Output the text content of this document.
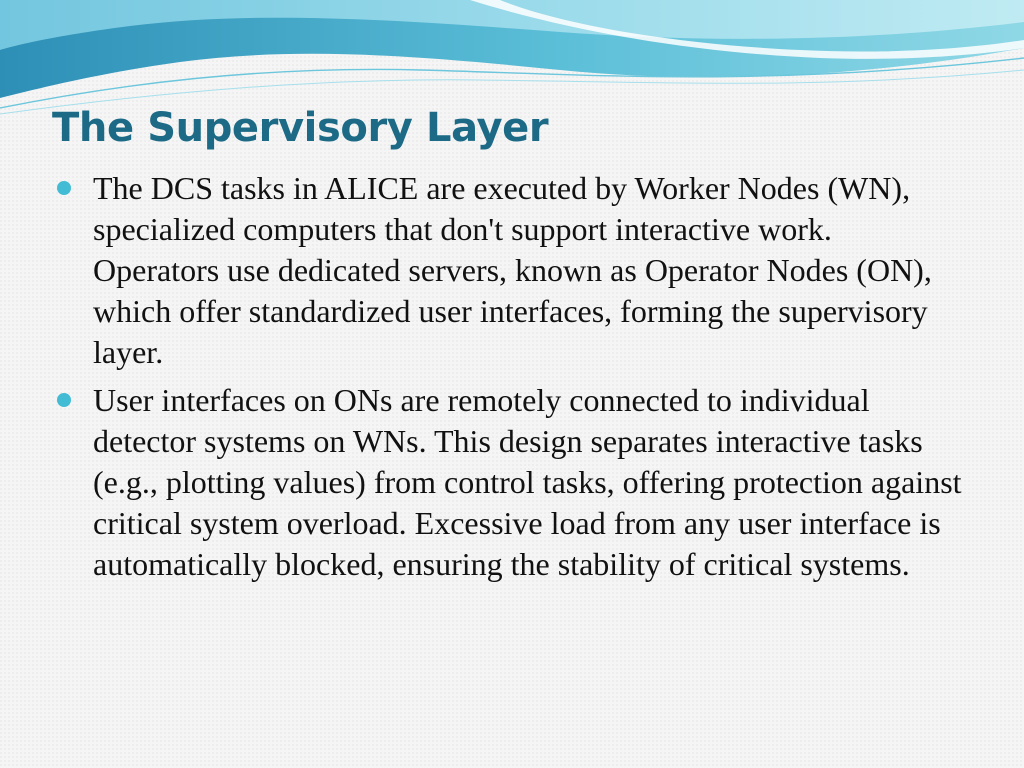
The Supervisory Layer
The DCS tasks in ALICE are executed by Worker Nodes (WN), specialized computers that don't support interactive work. Operators use dedicated servers, known as Operator Nodes (ON), which offer standardized user interfaces, forming the supervisory layer.
User interfaces on ONs are remotely connected to individual detector systems on WNs. This design separates interactive tasks (e.g., plotting values) from control tasks, offering protection against critical system overload. Excessive load from any user interface is automatically blocked, ensuring the stability of critical systems.
